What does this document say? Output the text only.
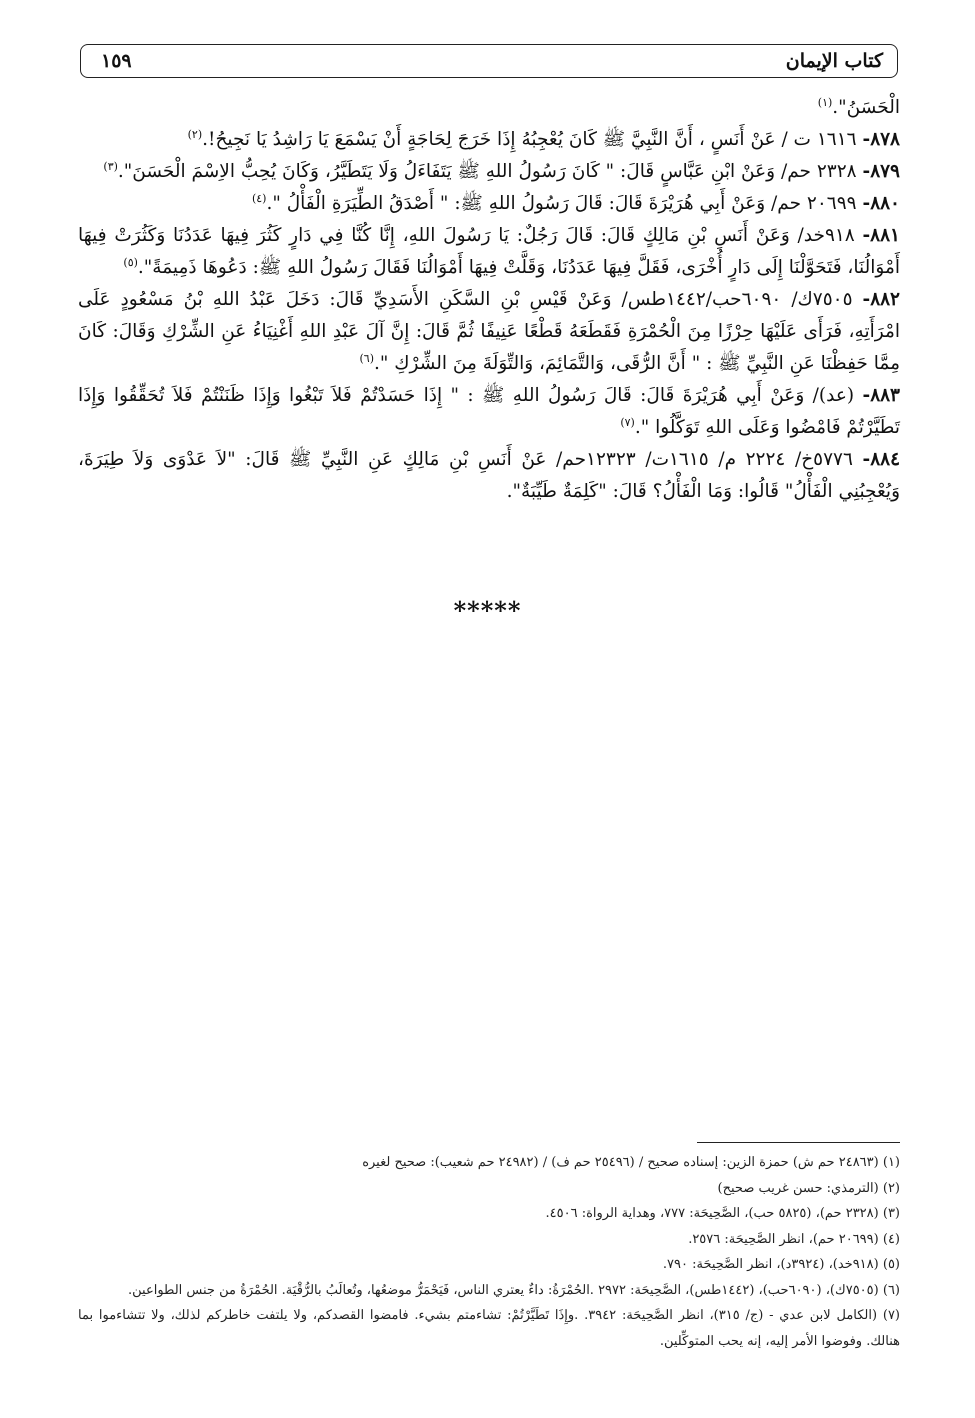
١٥٩	كتاب الإيمان

الْحَسَنُ".$^{(١)}$

٨٧٨- ١٦١٦ ت / عَنْ أَنَسٍ ، أَنَّ النَّبِيَّ ﷺ كَانَ يُعْجِبُهُ إِذَا خَرَجَ لِحَاجَةٍ أَنْ يَسْمَعَ يَا رَاشِدُ يَا نَجِيحُ!.$^{(٢)}$

٨٧٩- ٢٣٢٨ حم/ وَعَنْ ابْنِ عَبَّاسٍ قَالَ: " كَانَ رَسُولُ اللهِ ﷺ يَتَفَاءَلُ وَلَا يَتَطَيَّرُ، وَكَانَ يُحِبُّ الاِسْمَ الْحَسَنَ".$^{(٣)}$

٨٨٠- ٢٠٦٩٩ حم/ وَعَنْ أَبِي هُرَيْرَةَ قَالَ: قَالَ رَسُولُ اللهِ ﷺ: " أَصْدَقُ الطِّيَرَةِ الْفَأْلُ ".$^{(٤)}$

٨٨١- ٩١٨خد/ وَعَنْ أَنَسِ بْنِ مَالِكٍ قَالَ: قَالَ رَجُلٌ: يَا رَسُولَ اللهِ، إِنَّا كُنَّا فِي دَارٍ كَثُرَ فِيهَا عَدَدُنَا وَكَثُرَتْ فِيهَا أَمْوَالُنَا، فَتَحَوَّلْنَا إِلَى دَارٍ أُخْرَى، فَقَلَّ فِيهَا عَدَدُنَا، وَقَلَّتْ فِيهَا أَمْوَالُنَا فَقَالَ رَسُولُ اللهِ ﷺ: دَعُوهَا ذَمِيمَةً".$^{(٥)}$

٨٨٢- ٧٥٠٥ك/ ٦٠٩٠حب/١٤٤٢طس/ وَعَنْ قَيْسِ بْنِ السَّكَنِ الأَسَدِيِّ قَالَ: دَخَلَ عَبْدُ اللهِ بْنُ مَسْعُودٍ عَلَى امْرَأَتِهِ، فَرَأَى عَلَيْهَا حِرْزًا مِنَ الْحُمْرَةِ فَقَطَعَهُ قَطْعًا عَنِيفًا ثُمَّ قَالَ: إِنَّ آلَ عَبْدِ اللهِ أَغْنِيَاءُ عَنِ الشِّرْكِ وَقَالَ: كَانَ مِمَّا حَفِظْنَا عَنِ النَّبِيِّ ﷺ : " أَنَّ الرُّقَى، وَالتَّمَائِمَ، وَالتِّوَلَةَ مِنَ الشِّرْكِ ".$^{(٦)}$

٨٨٣- (عد)/ وَعَنْ أَبِي هُرَيْرَةَ قَالَ: قَالَ رَسُولُ اللهِ ﷺ : " إِذَا حَسَدْتُمْ فَلاَ تَبْغُوا وَإِذَا ظَنَنْتُمْ فَلاَ تُحَقِّقُوا وَإِذَا تَطَيَّرْتُمْ فَامْضُوا وَعَلَى اللهِ تَوَكَّلُوا ".$^{(٧)}$

٨٨٤- ٥٧٧٦خ/ ٢٢٢٤ م/ ١٦١٥ت/ ١٢٣٢٣حم/ عَنْ أَنَسِ بْنِ مَالِكٍ عَنِ النَّبِيِّ ﷺ قَالَ: "لاَ عَدْوَى وَلاَ طِيَرَةَ، وَيُعْجِبُنِي الْفَأْلُ" قَالُوا: وَمَا الْفَأْلُ؟ قَالَ: "كَلِمَةٌ طَيِّبَةٌ".

*****

(١) (٢٤٨٦٣ حم ش) حمزة الزين: إسناده صحيح / (٢٥٤٩٦ حم ف) / (٢٤٩٨٢ حم شعيب): صحيح لغيره

(٢) (الترمذي: حسن غريب صحيح)

(٣) (٢٣٢٨ حم)، (٥٨٢٥ حب)، الصَّحِيحَة: ٧٧٧، وهداية الرواة: ٤٥٠٦.

(٤) (٢٠٦٩٩ حم)، انظر الصَّحِيحَة: ٢٥٧٦.

(٥) (٩١٨خد)، (٣٩٢٤د)، انظر الصَّحِيحَة: ٧٩٠.

(٦) (٧٥٠٥ك)، (٦٠٩٠حب)، (١٤٤٢طس)، الصَّحِيحَة: ٢٩٧٢ .الحُمْرَةُ: داءٌ يعتري الناس، فَيَحْمَرُّ موضعُها، وتُعالَبُ بالرُّقْيَة. الحُمْرَةُ من جنس الطواعين.

(٧) (الكامل لابن عدي - (ج/ ٣١٥)، انظر الصَّحِيحَة: ٣٩٤٢. .وإِذَا تَطَيَّرْتُمْ: تشاءمتم بشيء. فامضوا القصدكم، ولا يلتفت خاطركم لذلك، ولا تتشاءموا بما هنالك. وفوضوا الأمر إليه، إنه يحب المتوكِّلين.
